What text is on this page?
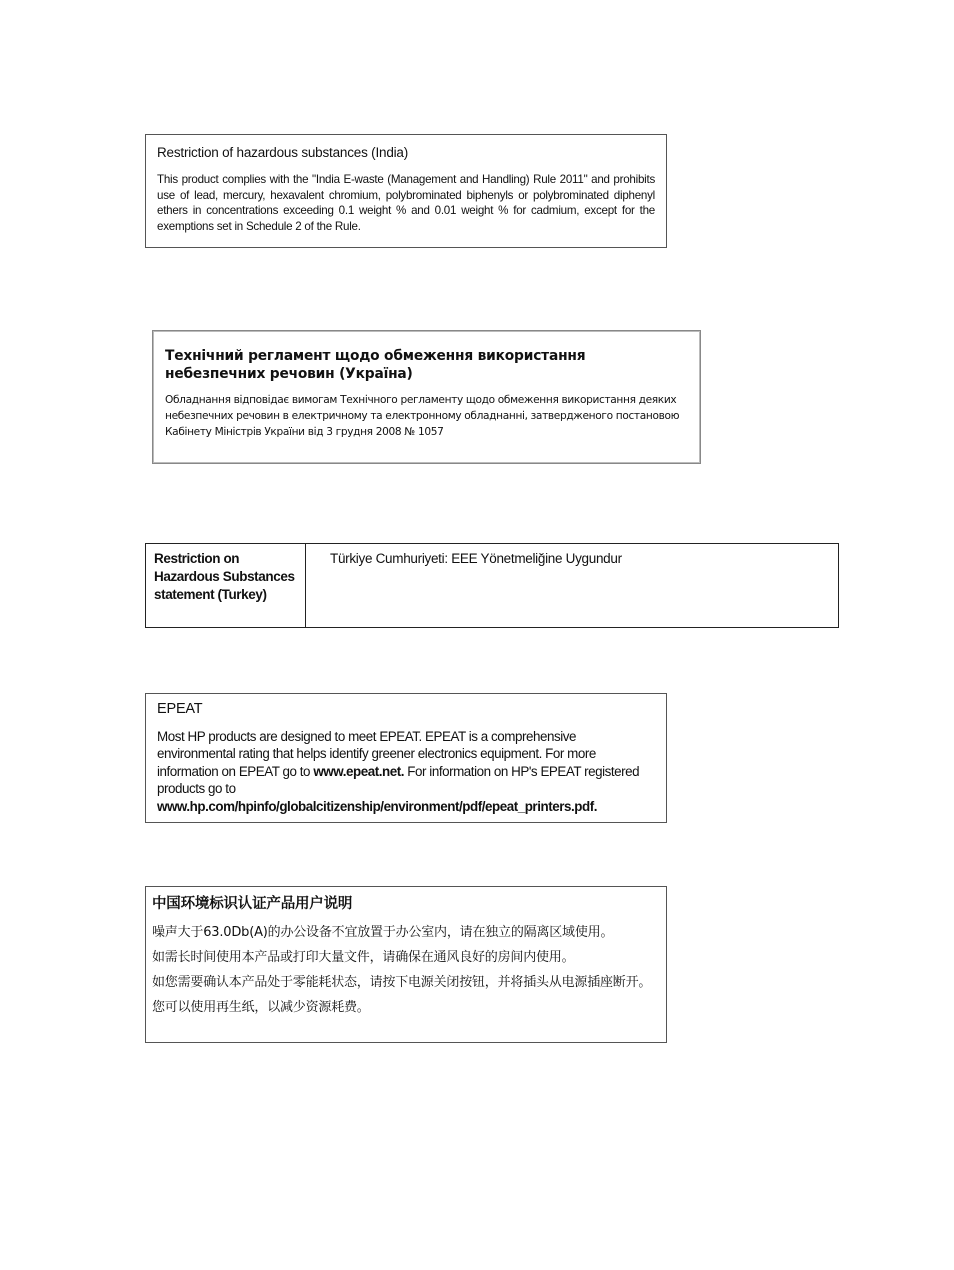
Restriction of hazardous substances (India)

This product complies with the "India E-waste (Management and Handling) Rule 2011" and prohibits use of lead, mercury, hexavalent chromium, polybrominated biphenyls or polybrominated diphenyl ethers in concentrations exceeding 0.1 weight % and 0.01 weight % for cadmium, except for the exemptions set in Schedule 2 of the Rule.

Технічний регламент щодо обмеження використання небезпечних речовин (Україна)

Обладнання відповідає вимогам Технічного регламенту щодо обмеження використання деяких небезпечних речовин в електричному та електронному обладнанні, затвердженого постановою Кабінету Міністрів України від 3 грудня 2008 № 1057

Restriction on Hazardous Substances statement (Turkey)
Türkiye Cumhuriyeti: EEE Yönetmeliğine Uygundur

EPEAT

Most HP products are designed to meet EPEAT. EPEAT is a comprehensive environmental rating that helps identify greener electronics equipment. For more information on EPEAT go to www.epeat.net. For information on HP's EPEAT registered products go to
www.hp.com/hpinfo/globalcitizenship/environment/pdf/epeat_printers.pdf.

中国环境标识认证产品用户说明

噪声大于63.0Db(A)的办公设备不宜放置于办公室内，请在独立的隔离区域使用。

如需长时间使用本产品或打印大量文件，请确保在通风良好的房间内使用。

如您需要确认本产品处于零能耗状态，请按下电源关闭按钮，并将插头从电源插座断开。

您可以使用再生纸，以减少资源耗费。
